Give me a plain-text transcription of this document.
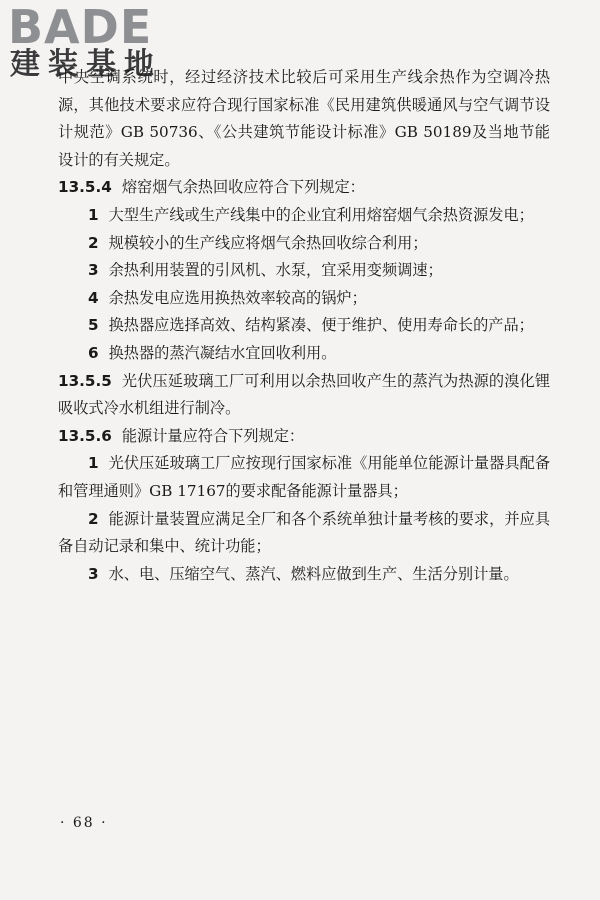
BADE
建装基地

中央空调系统时，经过经济技术比较后可采用生产线余热作为空调冷热源，其他技术要求应符合现行国家标准《民用建筑供暖通风与空气调节设计规范》GB 50736、《公共建筑节能设计标准》GB 50189及当地节能设计的有关规定。

13.5.4 熔窑烟气余热回收应符合下列规定：

1 大型生产线或生产线集中的企业宜利用熔窑烟气余热资源发电；

2 规模较小的生产线应将烟气余热回收综合利用；

3 余热利用装置的引风机、水泵，宜采用变频调速；

4 余热发电应选用换热效率较高的锅炉；

5 换热器应选择高效、结构紧凑、便于维护、使用寿命长的产品；

6 换热器的蒸汽凝结水宜回收利用。

13.5.5 光伏压延玻璃工厂可利用以余热回收产生的蒸汽为热源的溴化锂吸收式冷水机组进行制冷。

13.5.6 能源计量应符合下列规定：

1 光伏压延玻璃工厂应按现行国家标准《用能单位能源计量器具配备和管理通则》GB 17167的要求配备能源计量器具；

2 能源计量装置应满足全厂和各个系统单独计量考核的要求，并应具备自动记录和集中、统计功能；

3 水、电、压缩空气、蒸汽、燃料应做到生产、生活分别计量。

· 68 ·
